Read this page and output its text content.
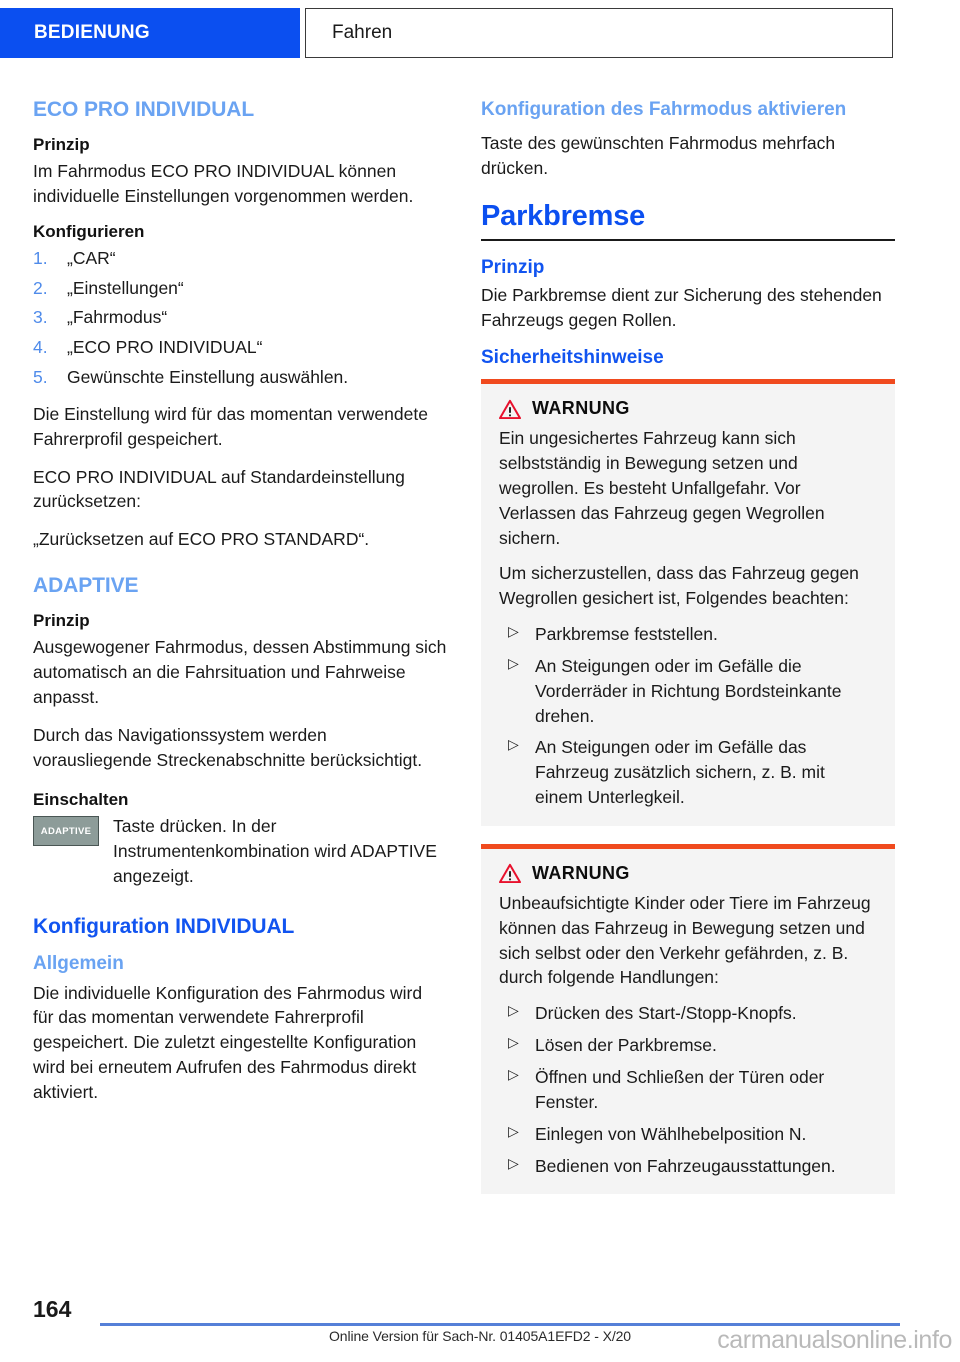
BEDIENUNG	Fahren
ECO PRO INDIVIDUAL
Prinzip

Im Fahrmodus ECO PRO INDIVIDUAL können individuelle Einstellungen vorgenommen werden.

Konfigurieren
1. „CAR“
2. „Einstellungen“
3. „Fahrmodus“
4. „ECO PRO INDIVIDUAL“
5. Gewünschte Einstellung auswählen.

Die Einstellung wird für das momentan verwendete Fahrerprofil gespeichert.

ECO PRO INDIVIDUAL auf Standardeinstellung zurücksetzen:

„Zurücksetzen auf ECO PRO STANDARD“.

ADAPTIVE
Prinzip

Ausgewogener Fahrmodus, dessen Abstimmung sich automatisch an die Fahrsituation und Fahrweise anpasst.

Durch das Navigationssystem werden vorausliegende Streckenabschnitte berücksichtigt.

Einschalten
ADAPTIVE Taste drücken. In der Instrumentenkombination wird ADAPTIVE angezeigt.
Konfiguration INDIVIDUAL
Allgemein

Die individuelle Konfiguration des Fahrmodus wird für das momentan verwendete Fahrerprofil gespeichert. Die zuletzt eingestellte Konfiguration wird bei erneutem Aufrufen des Fahrmodus direkt aktiviert.

Konfiguration des Fahrmodus aktivieren

Taste des gewünschten Fahrmodus mehrfach drücken.

Parkbremse
Prinzip

Die Parkbremse dient zur Sicherung des stehenden Fahrzeugs gegen Rollen.

Sicherheitshinweise
WARNUNG

Ein ungesichertes Fahrzeug kann sich selbstständig in Bewegung setzen und wegrollen. Es besteht Unfallgefahr. Vor Verlassen das Fahrzeug gegen Wegrollen sichern.

Um sicherzustellen, dass das Fahrzeug gegen Wegrollen gesichert ist, Folgendes beachten:

▷ Parkbremse feststellen.
▷ An Steigungen oder im Gefälle die Vorderräder in Richtung Bordsteinkante drehen.
▷ An Steigungen oder im Gefälle das Fahrzeug zusätzlich sichern, z. B. mit einem Unterlegkeil.
WARNUNG

Unbeaufsichtigte Kinder oder Tiere im Fahrzeug können das Fahrzeug in Bewegung setzen und sich selbst oder den Verkehr gefährden, z. B. durch folgende Handlungen:

▷ Drücken des Start-/Stopp-Knopfs.
▷ Lösen der Parkbremse.
▷ Öffnen und Schließen der Türen oder Fenster.
▷ Einlegen von Wählhebelposition N.
▷ Bedienen von Fahrzeugausstattungen.
164
Online Version für Sach-Nr. 01405A1EFD2 - X/20	carmanualsonline.info
